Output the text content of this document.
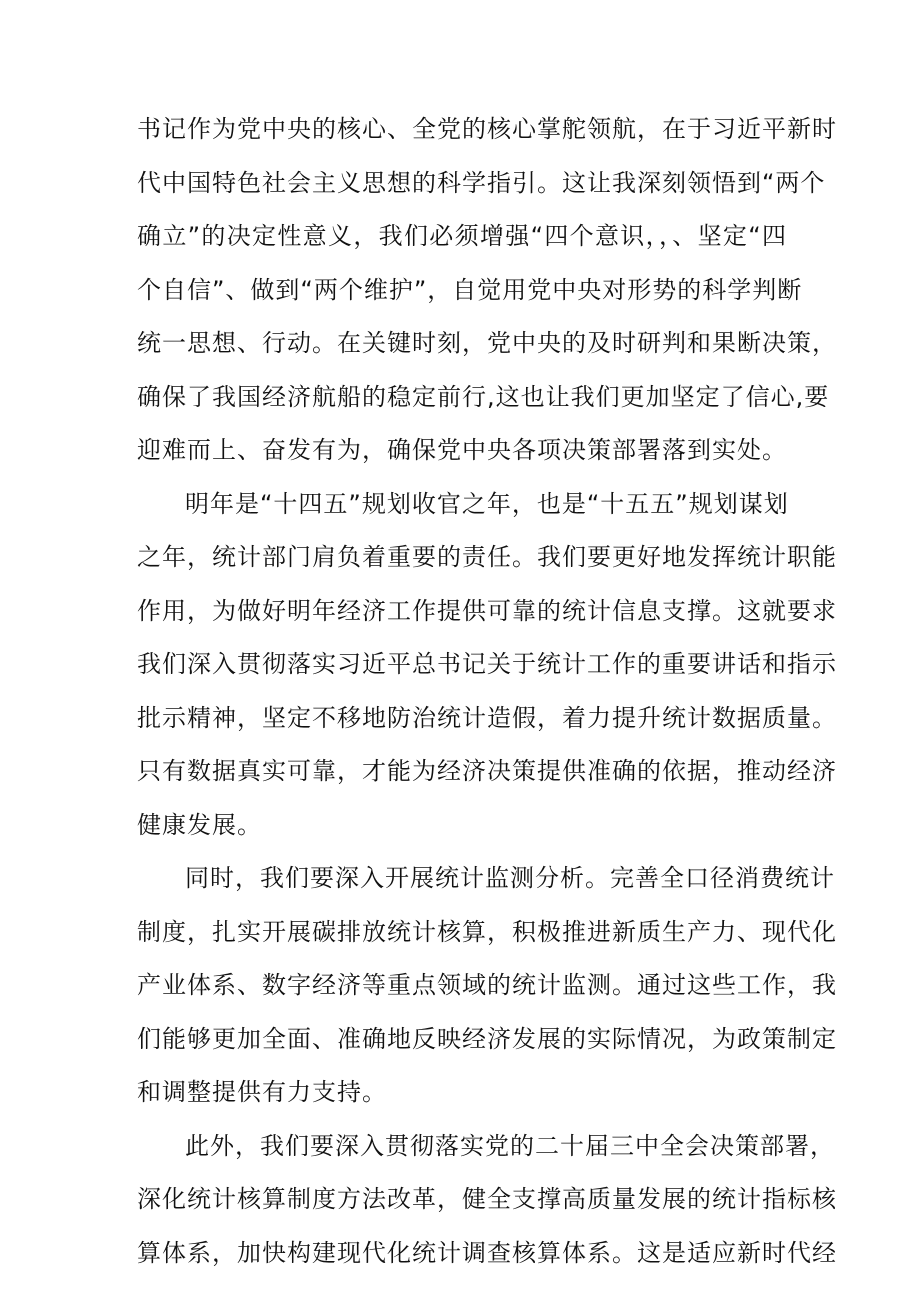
书记作为党中央的核心、全党的核心掌舵领航，在于习近平新时
代中国特色社会主义思想的科学指引。这让我深刻领悟到“两个
确立”的决定性意义，我们必须增强“四个意识，，、坚定“四
个自信”、做到“两个维护”，自觉用党中央对形势的科学判断
统一思想、行动。在关键时刻，党中央的及时研判和果断决策，
确保了我国经济航船的稳定前行,这也让我们更加坚定了信心,要
迎难而上、奋发有为，确保党中央各项决策部署落到实处。
明年是“十四五”规划收官之年，也是“十五五”规划谋划
之年，统计部门肩负着重要的责任。我们要更好地发挥统计职能
作用，为做好明年经济工作提供可靠的统计信息支撑。这就要求
我们深入贯彻落实习近平总书记关于统计工作的重要讲话和指示
批示精神，坚定不移地防治统计造假，着力提升统计数据质量。
只有数据真实可靠，才能为经济决策提供准确的依据，推动经济
健康发展。
同时，我们要深入开展统计监测分析。完善全口径消费统计
制度，扎实开展碳排放统计核算，积极推进新质生产力、现代化
产业体系、数字经济等重点领域的统计监测。通过这些工作，我
们能够更加全面、准确地反映经济发展的实际情况，为政策制定
和调整提供有力支持。
此外，我们要深入贯彻落实党的二十届三中全会决策部署，
深化统计核算制度方法改革，健全支撑高质量发展的统计指标核
算体系，加快构建现代化统计调查核算体系。这是适应新时代经
